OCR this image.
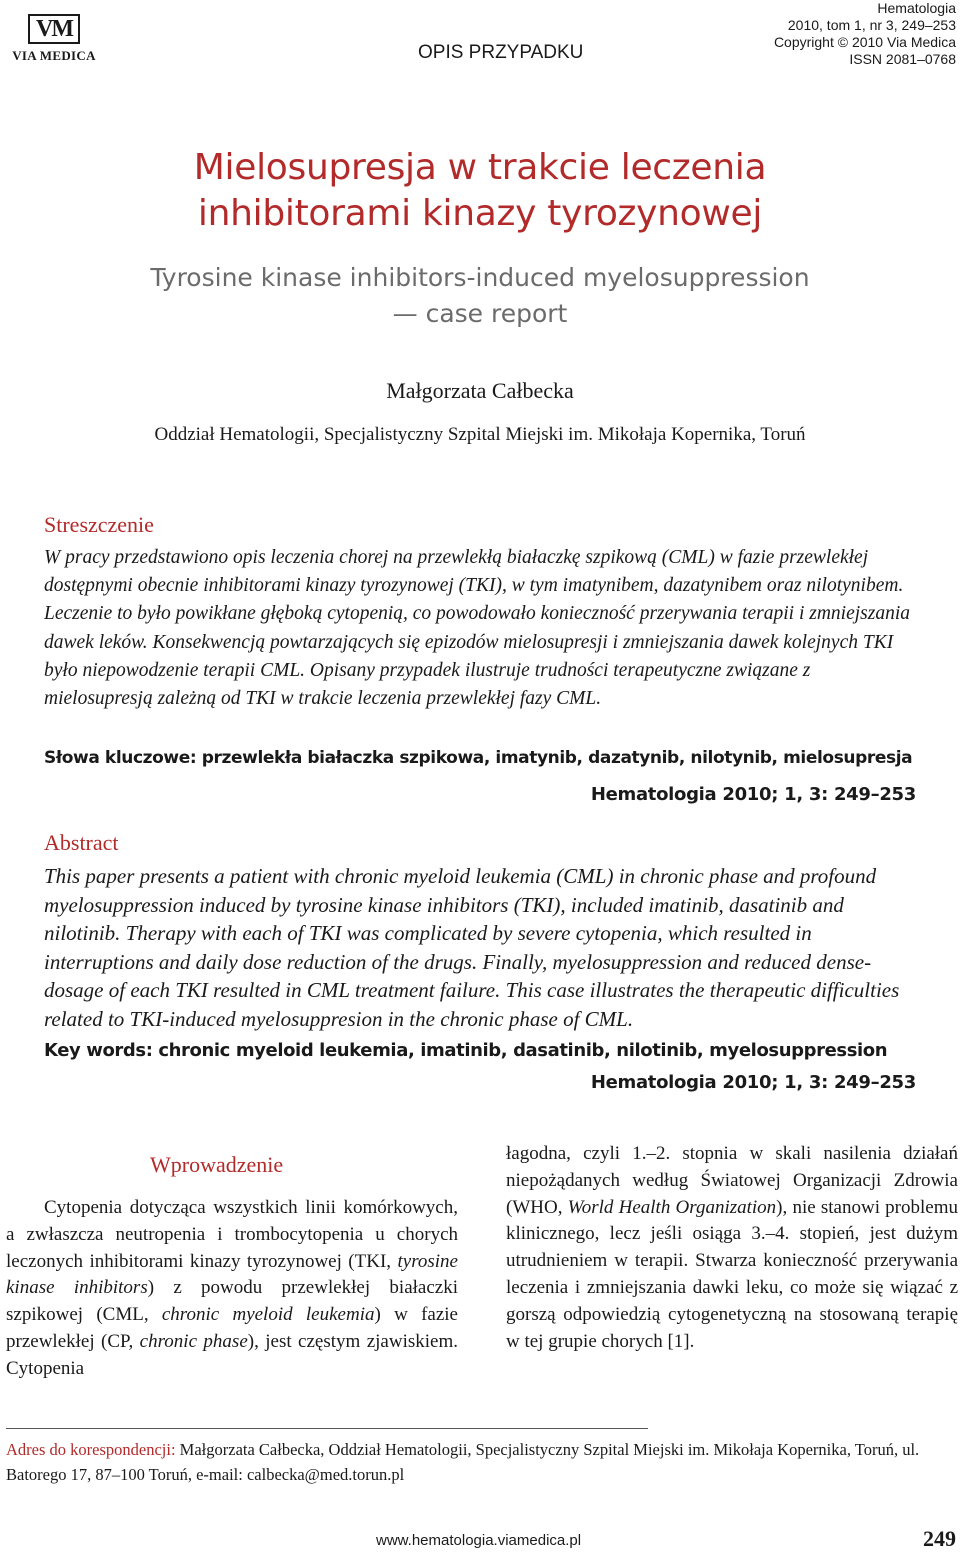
VM
VIA MEDICA	OPIS PRZYPADKU
Hematologia
2010, tom 1, nr 3, 249–253
Copyright © 2010 Via Medica
ISSN 2081–0768
Mielosupresja w trakcie leczenia
inhibitorami kinazy tyrozynowej
Tyrosine kinase inhibitors-induced myelosuppression
— case report
Małgorzata Całbecka
Oddział Hematologii, Specjalistyczny Szpital Miejski im. Mikołaja Kopernika, Toruń
Streszczenie
W pracy przedstawiono opis leczenia chorej na przewlekłą białaczkę szpikową (CML) w fazie przewlekłej dostępnymi obecnie inhibitorami kinazy tyrozynowej (TKI), w tym imatynibem, dazatynibem oraz nilotynibem. Leczenie to było powikłane głęboką cytopenią, co powodowało konieczność przerywania terapii i zmniejszania dawek leków. Konsekwencją powtarzających się epizodów mielosupresji i zmniejszania dawek kolejnych TKI było niepowodzenie terapii CML. Opisany przypadek ilustruje trudności terapeutyczne związane z mielosupresją zależną od TKI w trakcie leczenia przewlekłej fazy CML.
Słowa kluczowe: przewlekła białaczka szpikowa, imatynib, dazatynib, nilotynib, mielosupresja
Hematologia 2010; 1, 3: 249–253
Abstract
This paper presents a patient with chronic myeloid leukemia (CML) in chronic phase and profound myelosuppression induced by tyrosine kinase inhibitors (TKI), included imatinib, dasatinib and nilotinib. Therapy with each of TKI was complicated by severe cytopenia, which resulted in interruptions and daily dose reduction of the drugs. Finally, myelosuppression and reduced dense-dosage of each TKI resulted in CML treatment failure. This case illustrates the therapeutic difficulties related to TKI-induced myelosuppresion in the chronic phase of CML.
Key words: chronic myeloid leukemia, imatinib, dasatinib, nilotinib, myelosuppression
Hematologia 2010; 1, 3: 249–253
Wprowadzenie

Cytopenia dotycząca wszystkich linii komórkowych, a zwłaszcza neutropenia i trombocytopenia u chorych leczonych inhibitorami kinazy tyrozynowej (TKI, tyrosine kinase inhibitors) z powodu przewlekłej białaczki szpikowej (CML, chronic myeloid leukemia) w fazie przewlekłej (CP, chronic phase), jest częstym zjawiskiem. Cytopenia

łagodna, czyli 1.–2. stopnia w skali nasilenia działań niepożądanych według Światowej Organizacji Zdrowia (WHO, World Health Organization), nie stanowi problemu klinicznego, lecz jeśli osiąga 3.–4. stopień, jest dużym utrudnieniem w terapii. Stwarza konieczność przerywania leczenia i zmniejszania dawki leku, co może się wiązać z gorszą odpowiedzią cytogenetyczną na stosowaną terapię w tej grupie chorych [1].

Adres do korespondencji: Małgorzata Całbecka, Oddział Hematologii, Specjalistyczny Szpital Miejski im. Mikołaja Kopernika, Toruń, ul. Batorego 17, 87–100 Toruń, e-mail: calbecka@med.torun.pl
www.hematologia.viamedica.pl	249
